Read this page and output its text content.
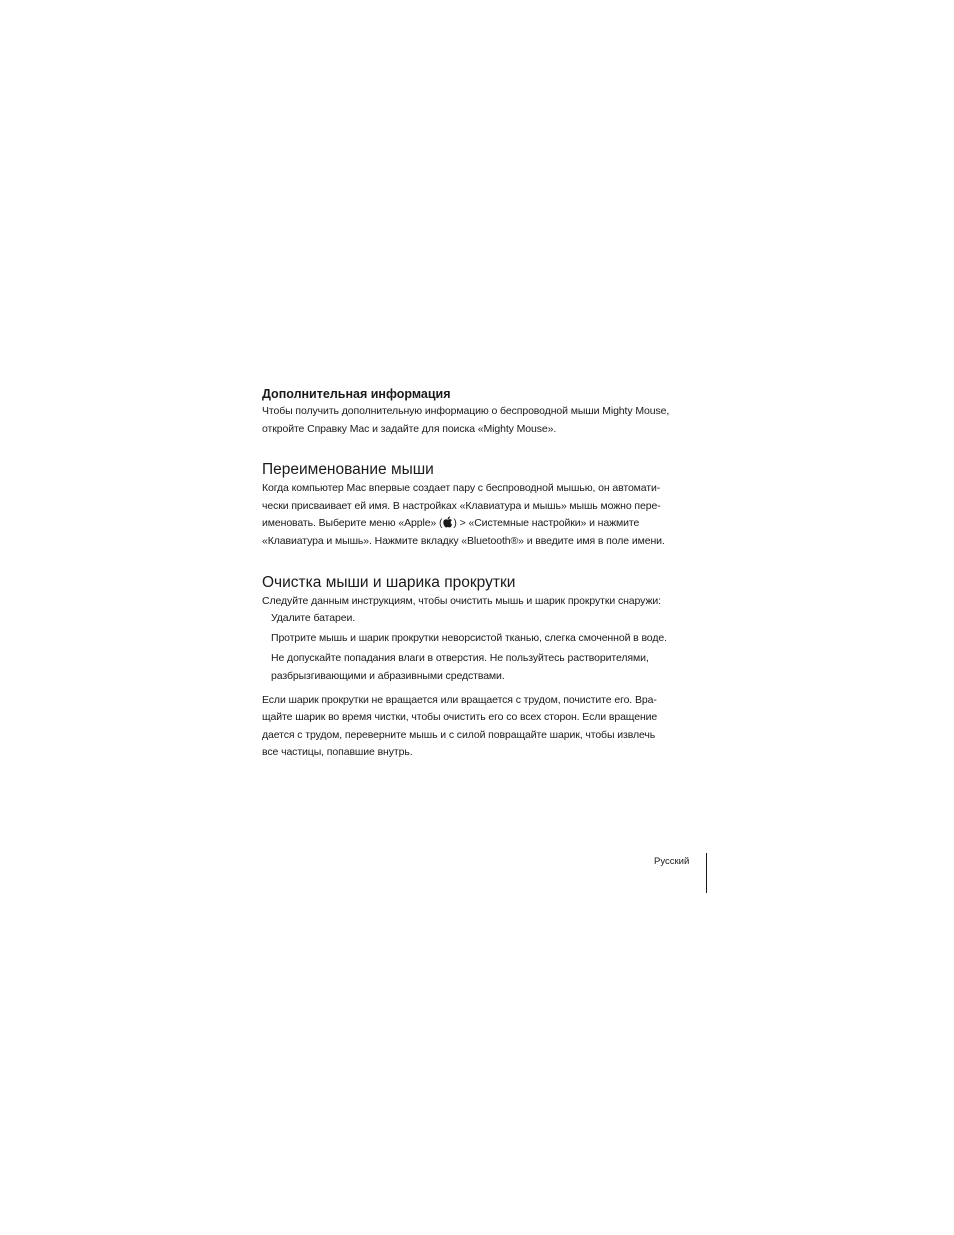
Дополнительная информация

Чтобы получить дополнительную информацию о беспроводной мыши Mighty Mouse,
откройте Справку Mac и задайте для поиска «Mighty Mouse».

Переименование мыши

Когда компьютер Mac впервые создает пару с беспроводной мышью, он автомати-
чески присваивает ей имя. В настройках «Клавиатура и мышь» мышь можно пере-
именовать. Выберите меню «Apple» ( ) > «Системные настройки» и нажмите
«Клавиатура и мышь». Нажмите вкладку «Bluetooth®» и введите имя в поле имени.

Очистка мыши и шарика прокрутки

Следуйте данным инструкциям, чтобы очистить мышь и шарик прокрутки снаружи:

Удалите батареи.
Протрите мышь и шарик прокрутки неворсистой тканью, слегка смоченной в воде.
Не допускайте попадания влаги в отверстия. Не пользуйтесь растворителями,
разбрызгивающими и абразивными средствами.

Если шарик прокрутки не вращается или вращается с трудом, почистите его. Вра-
щайте шарик во время чистки, чтобы очистить его со всех сторон. Если вращение
дается с трудом, переверните мышь и с силой повращайте шарик, чтобы извлечь
все частицы, попавшие внутрь.

Русский
